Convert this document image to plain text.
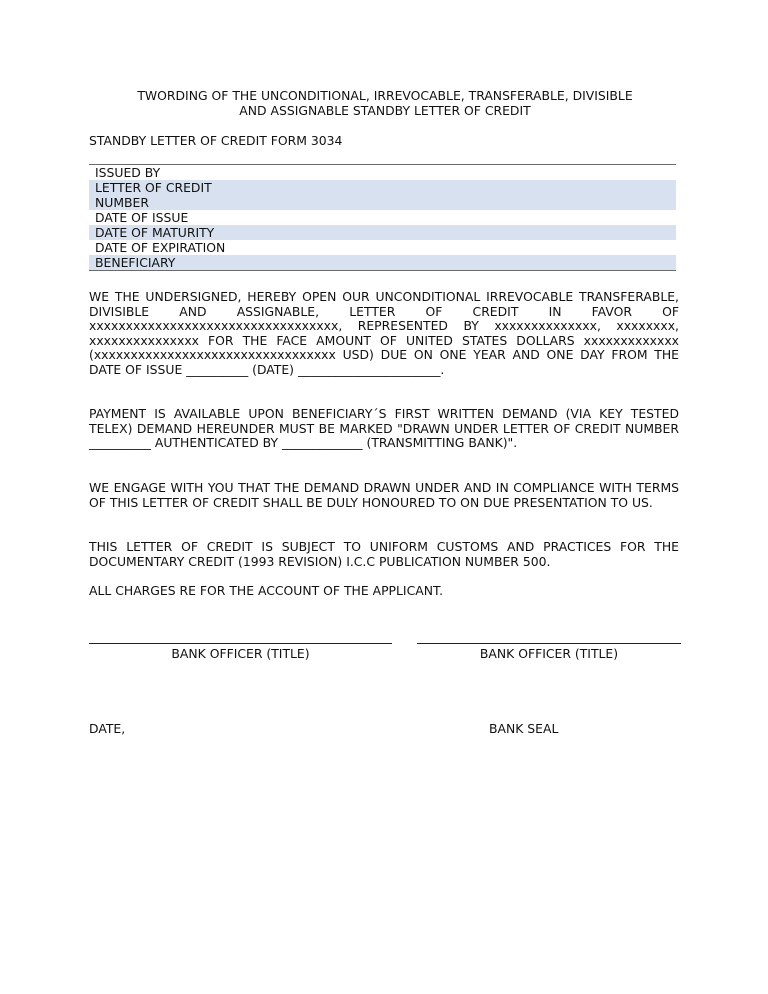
TWORDING OF THE UNCONDITIONAL, IRREVOCABLE, TRANSFERABLE, DIVISIBLE
AND ASSIGNABLE STANDBY LETTER OF CREDIT
STANDBY LETTER OF CREDIT FORM 3034
ISSUED BY
LETTER OF CREDIT
NUMBER
DATE OF ISSUE
DATE OF MATURITY
DATE OF EXPIRATION
BENEFICIARY
WE THE UNDERSIGNED, HEREBY OPEN OUR UNCONDITIONAL IRREVOCABLE TRANSFERABLE, DIVISIBLE AND ASSIGNABLE, LETTER OF CREDIT IN FAVOR OF xxxxxxxxxxxxxxxxxxxxxxxxxxxxxxxxxx, REPRESENTED BY xxxxxxxxxxxxxx, xxxxxxxx, xxxxxxxxxxxxxxx FOR THE FACE AMOUNT OF UNITED STATES DOLLARS xxxxxxxxxxxxx (xxxxxxxxxxxxxxxxxxxxxxxxxxxxxxxxx USD) DUE ON ONE YEAR AND ONE DAY FROM THE DATE OF ISSUE __________ (DATE) _______________________.
PAYMENT IS AVAILABLE UPON BENEFICIARY´S FIRST WRITTEN DEMAND (VIA KEY TESTED TELEX) DEMAND HEREUNDER MUST BE MARKED "DRAWN UNDER LETTER OF CREDIT NUMBER __________ AUTHENTICATED BY _____________ (TRANSMITTING BANK)".
WE ENGAGE WITH YOU THAT THE DEMAND DRAWN UNDER AND IN COMPLIANCE WITH TERMS OF THIS LETTER OF CREDIT SHALL BE DULY HONOURED TO ON DUE PRESENTATION TO US.
THIS LETTER OF CREDIT IS SUBJECT TO UNIFORM CUSTOMS AND PRACTICES FOR THE DOCUMENTARY CREDIT (1993 REVISION) I.C.C PUBLICATION NUMBER 500.
ALL CHARGES RE FOR THE ACCOUNT OF THE APPLICANT.
BANK OFFICER (TITLE)	BANK OFFICER (TITLE)
DATE,	BANK SEAL
